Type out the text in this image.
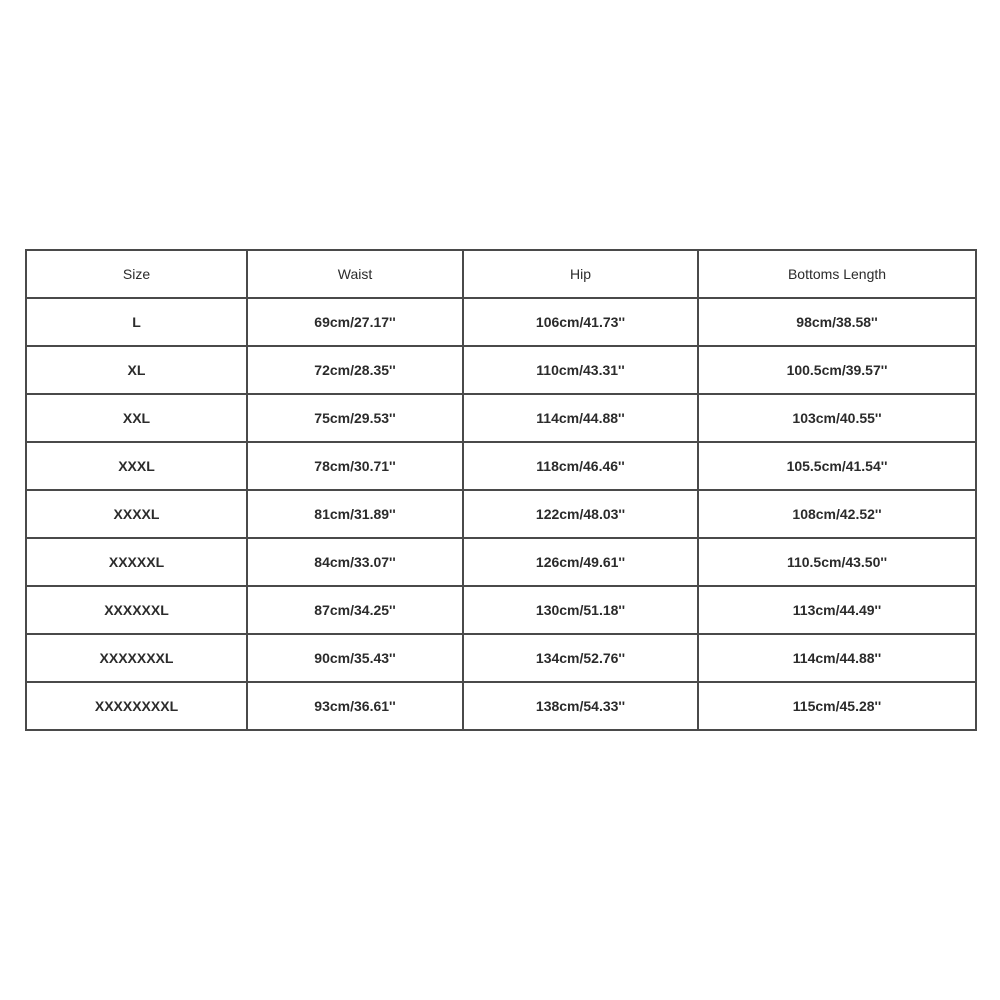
Size	Waist	Hip	Bottoms Length
L	69cm/27.17''	106cm/41.73''	98cm/38.58''
XL	72cm/28.35''	110cm/43.31''	100.5cm/39.57''
XXL	75cm/29.53''	114cm/44.88''	103cm/40.55''
XXXL	78cm/30.71''	118cm/46.46''	105.5cm/41.54''
XXXXL	81cm/31.89''	122cm/48.03''	108cm/42.52''
XXXXXL	84cm/33.07''	126cm/49.61''	110.5cm/43.50''
XXXXXXL	87cm/34.25''	130cm/51.18''	113cm/44.49''
XXXXXXXL	90cm/35.43''	134cm/52.76''	114cm/44.88''
XXXXXXXXL	93cm/36.61''	138cm/54.33''	115cm/45.28''
